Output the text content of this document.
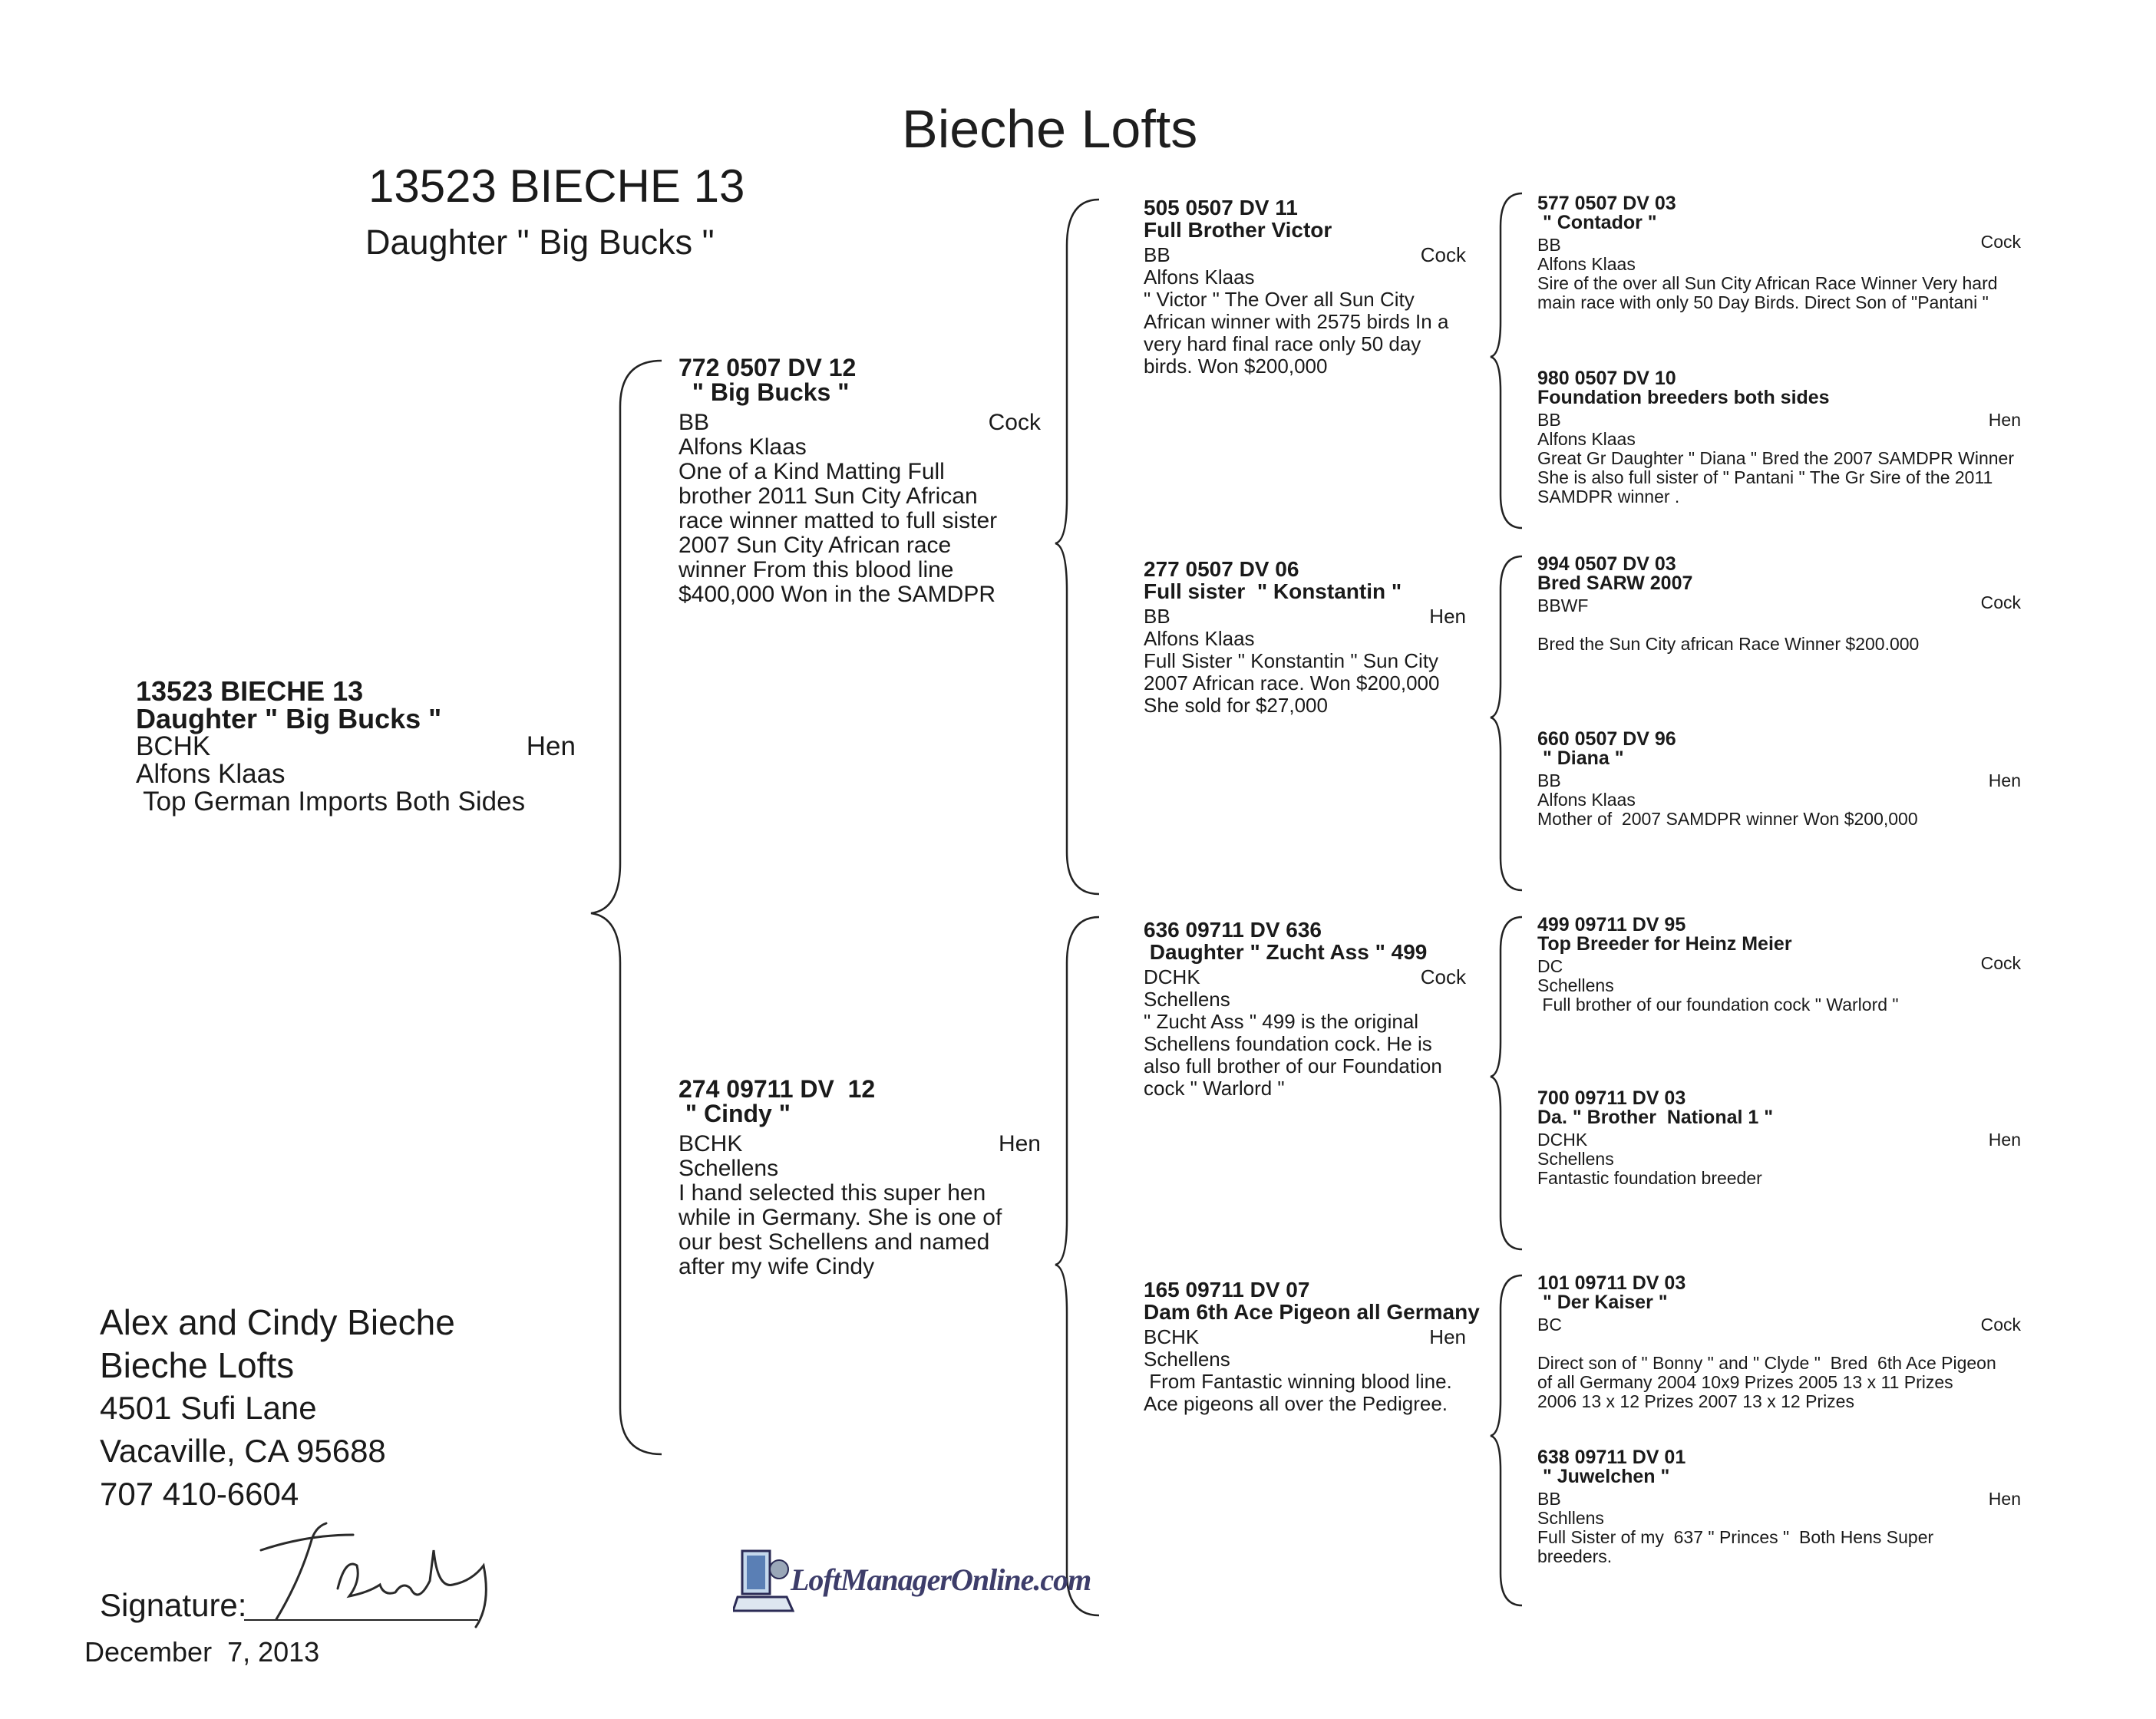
Bieche Lofts
13523 BIECHE 13
Daughter " Big Bucks "
13523 BIECHE 13
Daughter " Big Bucks "
BCHK	Hen
Alfons Klaas
Top German Imports Both Sides
772 0507 DV 12
" Big Bucks "
BB	Cock
Alfons Klaas
One of a Kind Matting Full brother 2011 Sun City African race winner matted to full sister 2007 Sun City African race winner From this blood line $400,000 Won in the SAMDPR
274 09711 DV  12
" Cindy "
BCHK	Hen
Schellens
I hand selected this super hen while in Germany. She is one of our best Schellens and named after my wife Cindy
505 0507 DV 11
Full Brother Victor
BB	Cock
Alfons Klaas
" Victor " The Over all Sun City African winner with 2575 birds In a very hard final race only 50 day birds. Won $200,000
277 0507 DV 06
Full sister  " Konstantin "
BB	Hen
Alfons Klaas
Full Sister " Konstantin " Sun City 2007 African race. Won $200,000 She sold for $27,000
636 09711 DV 636
Daughter " Zucht Ass " 499
DCHK	Cock
Schellens
" Zucht Ass " 499 is the original Schellens foundation cock. He is also full brother of our Foundation cock " Warlord "
165 09711 DV 07
Dam 6th Ace Pigeon all Germany
BCHK	Hen
Schellens
From Fantastic winning blood line. Ace pigeons all over the Pedigree.
577 0507 DV 03
" Contador "
BB	Cock
Alfons Klaas
Sire of the over all Sun City African Race Winner Very hard main race with only 50 Day Birds. Direct Son of "Pantani "
980 0507 DV 10
Foundation breeders both sides
BB	Hen
Alfons Klaas
Great Gr Daughter " Diana " Bred the 2007 SAMDPR Winner She is also full sister of " Pantani " The Gr Sire of the 2011 SAMDPR winner .
994 0507 DV 03
Bred SARW 2007
BBWF	Cock
Bred the Sun City african Race Winner $200.000
660 0507 DV 96
" Diana "
BB	Hen
Alfons Klaas
Mother of  2007 SAMDPR winner Won $200,000
499 09711 DV 95
Top Breeder for Heinz Meier
DC	Cock
Schellens
Full brother of our foundation cock " Warlord "
700 09711 DV 03
Da. " Brother  National 1 "
DCHK	Hen
Schellens
Fantastic foundation breeder
101 09711 DV 03
" Der Kaiser "
BC	Cock
Direct son of " Bonny " and " Clyde "  Bred  6th Ace Pigeon of all Germany 2004 10x9 Prizes 2005 13 x 11 Prizes   2006 13 x 12 Prizes 2007 13 x 12 Prizes
638 09711 DV 01
" Juwelchen "
BB	Hen
Schllens
Full Sister of my  637 " Princes "  Both Hens Super breeders.
Alex and Cindy Bieche
Bieche Lofts
4501 Sufi Lane
Vacaville, CA 95688
707 410-6604
Signature:
December  7, 2013
LoftManagerOnline.com
